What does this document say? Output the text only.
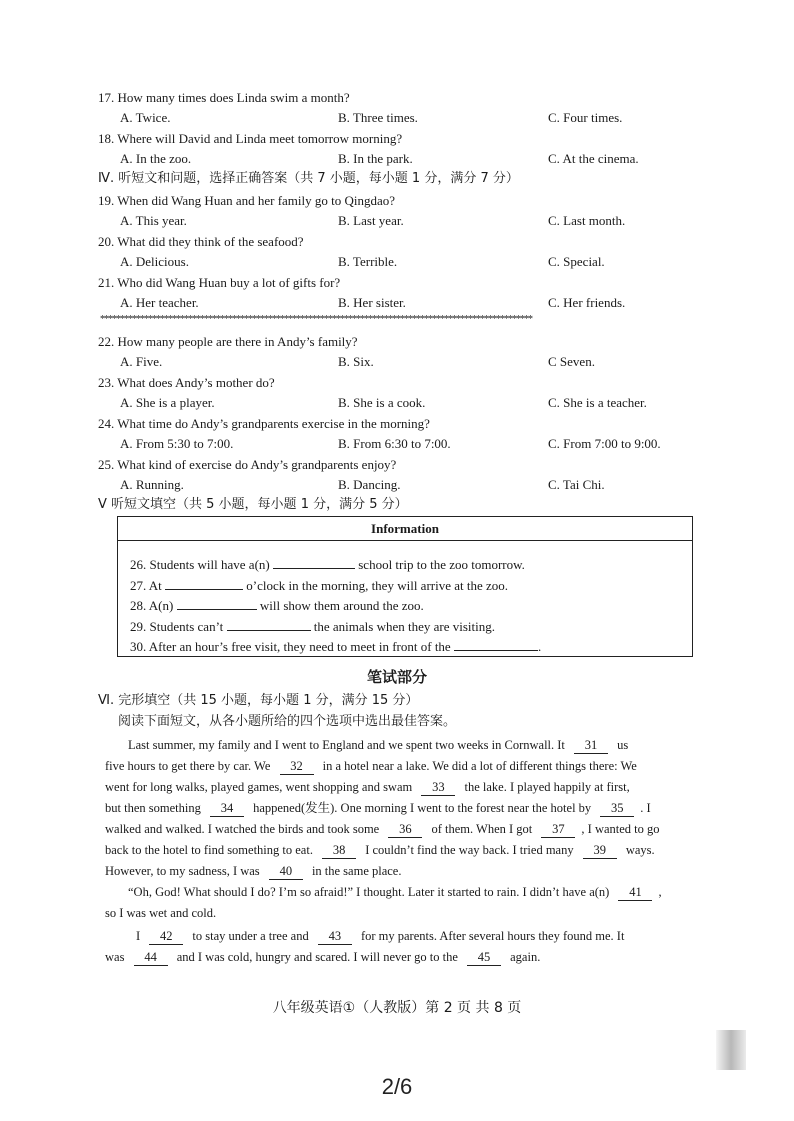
17. How many times does Linda swim a month?
A. Twice.	B. Three times.	C. Four times.
18. Where will David and Linda meet tomorrow morning?
A. In the zoo.	B. In the park.	C. At the cinema.
Ⅳ. 听短文和问题，选择正确答案（共 7 小题，每小题 1 分，满分 7 分）
19. When did Wang Huan and her family go to Qingdao?
A. This year.	B. Last year.	C. Last month.
20. What did they think of the seafood?
A. Delicious.	B. Terrible.	C. Special.
21. Who did Wang Huan buy a lot of gifts for?
A. Her teacher.	B. Her sister.	C. Her friends.
************************************************************************************************************
22. How many people are there in Andy’s family?
A. Five.	B. Six.	C Seven.
23. What does Andy’s mother do?
A. She is a player.	B. She is a cook.	C. She is a teacher.
24. What time do Andy’s grandparents exercise in the morning?
A. From 5:30 to 7:00.	B. From 6:30 to 7:00.	C. From 7:00 to 9:00.
25. What kind of exercise do Andy’s grandparents enjoy?
A. Running.	B. Dancing.	C. Tai Chi.
V 听短文填空（共 5 小题，每小题 1 分，满分 5 分）
Information
26. Students will have a(n)	school trip to the zoo tomorrow.
27. At	o’clock in the morning, they will arrive at the zoo.
28. A(n)	will show them around the zoo.
29. Students can’t	the animals when they are visiting.
30. After an hour’s free visit, they need to meet in front of the	.
笔试部分
Ⅵ. 完形填空（共 15 小题，每小题 1 分，满分 15 分）
阅读下面短文，从各小题所给的四个选项中选出最佳答案。
Last summer, my family and I went to England and we spent two weeks in Cornwall. It 31 us
five hours to get there by car. We 32 in a hotel near a lake. We did a lot of different things there: We
went for long walks, played games, went shopping and swam 33 the lake. I played happily at first,
but then something 34 happened(发生). One morning I went to the forest near the hotel by 35 . I
walked and walked. I watched the birds and took some 36 of them. When I got 37 , I wanted to go
back to the hotel to find something to eat. 38 I couldn’t find the way back. I tried many 39 ways.
However, to my sadness, I was 40 in the same place.
“Oh, God! What should I do? I’m so afraid!” I thought. Later it started to rain. I didn’t have a(n) 41 ,
so I was wet and cold.
I 42 to stay under a tree and 43 for my parents. After several hours they found me. It
was 44 and I was cold, hungry and scared. I will never go to the 45 again.
八年级英语①（人教版）第 2 页 共 8 页
2/6
